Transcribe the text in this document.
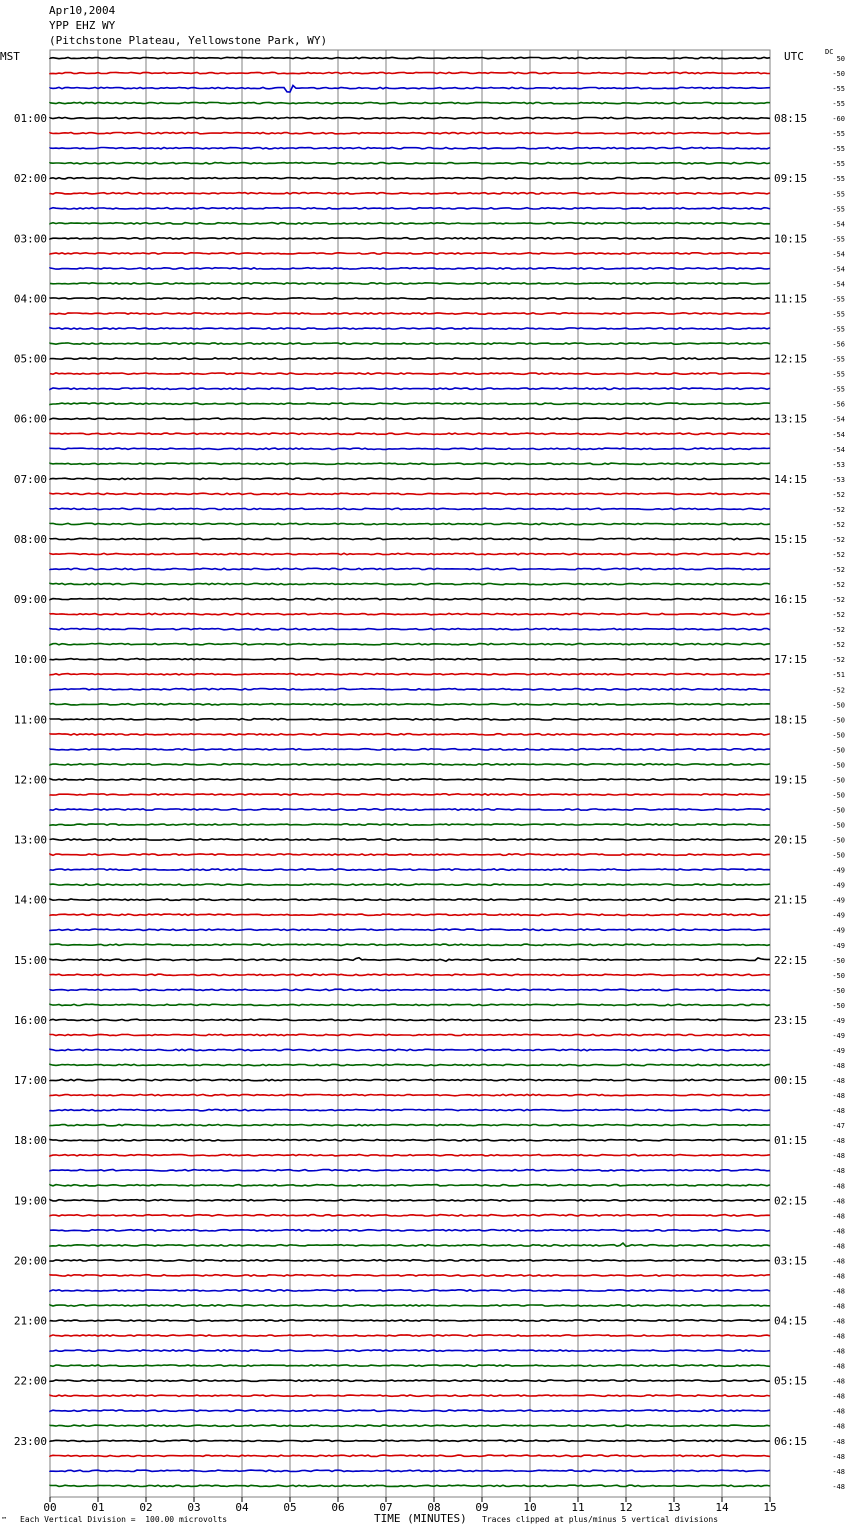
Apr10,2004
YPP EHZ WY
(Pitchstone Plateau, Yellowstone Park, WY)
MST	UTC	DC
01:00
02:00
03:00
04:00
05:00
06:00
07:00
08:00
09:00
10:00
11:00
12:00
13:00
14:00
15:00
16:00
17:00
18:00
19:00
20:00
21:00
22:00
23:00
08:15
09:15
10:15
11:15
12:15
13:15
14:15
15:15
16:15
17:15
18:15
19:15
20:15
21:15
22:15
23:15
00:15
01:15
02:15
03:15
04:15
05:15
06:15
50
-50
-55
-55
-60
-55
-55
-55
-55
-55
-55
-54
-55
-54
-54
-54
-55
-55
-55
-56
-55
-55
-55
-56
-54
-54
-54
-53
-53
-52
-52
-52
-52
-52
-52
-52
-52
-52
-52
-52
-52
-51
-52
-50
-50
-50
-50
-50
-50
-50
-50
-50
-50
-50
-49
-49
-49
-49
-49
-49
-50
-50
-50
-50
-49
-49
-49
-48
-48
-48
-48
-47
-48
-48
-48
-48
-48
-48
-48
-48
-48
-48
-48
-48
-48
-48
-48
-48
-48
-48
-48
-48
-48
-48
-48
-48
00	01	02	03	04	05	06	07	08	09	10	11	12	13	14	15
™ Each Vertical Division =  100.00 microvolts	TIME (MINUTES) Traces clipped at plus/minus 5 vertical divisions
